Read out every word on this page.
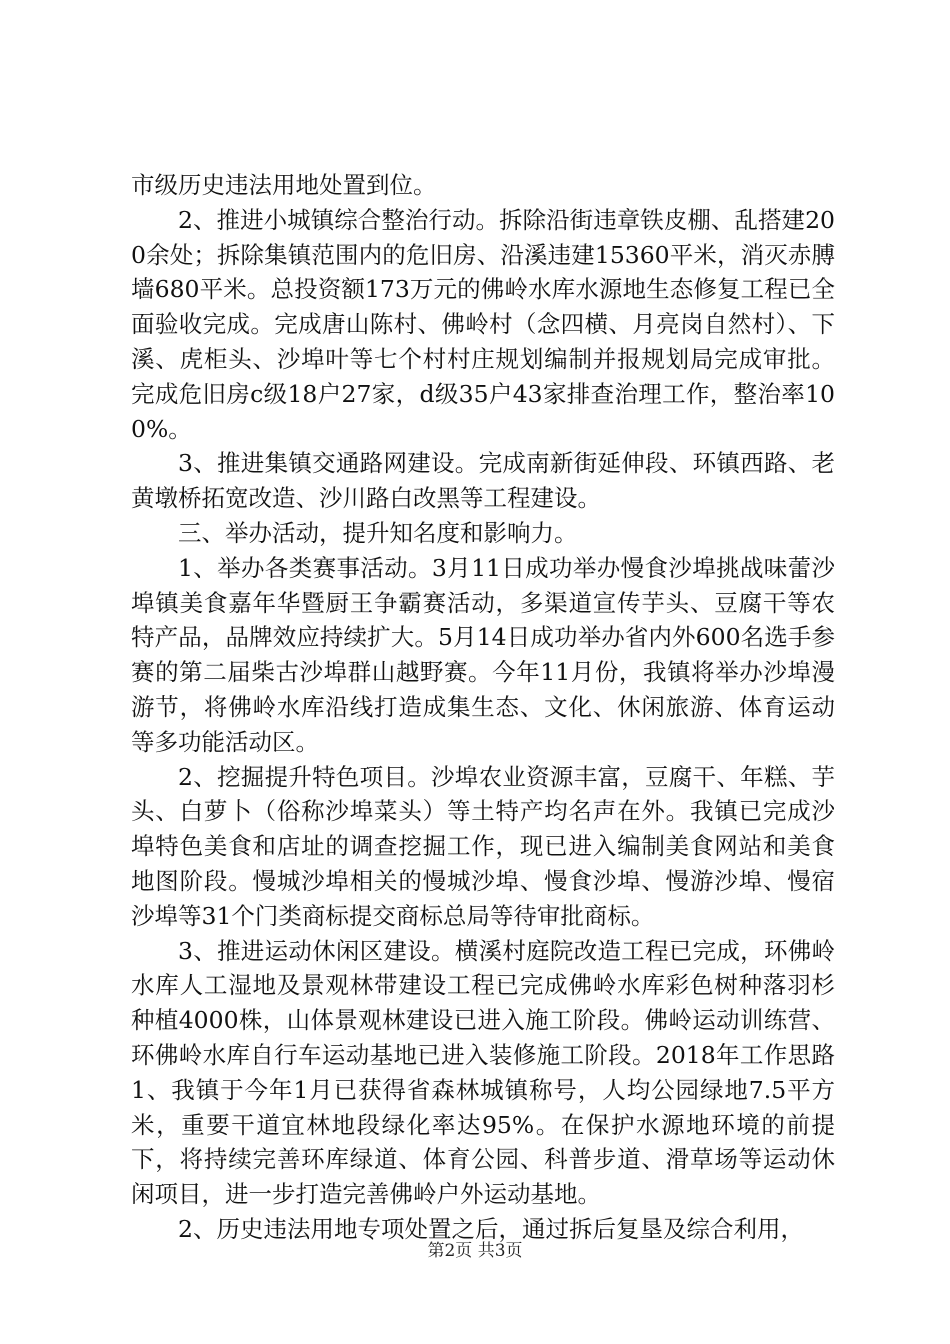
市级历史违法用地处置到位。

2、推进小城镇综合整治行动。拆除沿街违章铁皮棚、乱搭建200余处；拆除集镇范围内的危旧房、沿溪违建15360平米，消灭赤膊墙680平米。总投资额173万元的佛岭水库水源地生态修复工程已全面验收完成。完成唐山陈村、佛岭村（念四横、月亮岗自然村）、下溪、虎柜头、沙埠叶等七个村村庄规划编制并报规划局完成审批。完成危旧房c级18户27家，d级35户43家排查治理工作，整治率100%。

3、推进集镇交通路网建设。完成南新街延伸段、环镇西路、老黄墩桥拓宽改造、沙川路白改黑等工程建设。

三、举办活动，提升知名度和影响力。

1、举办各类赛事活动。3月11日成功举办慢食沙埠挑战味蕾沙埠镇美食嘉年华暨厨王争霸赛活动，多渠道宣传芋头、豆腐干等农特产品，品牌效应持续扩大。5月14日成功举办省内外600名选手参赛的第二届柴古沙埠群山越野赛。今年11月份，我镇将举办沙埠漫游节，将佛岭水库沿线打造成集生态、文化、休闲旅游、体育运动等多功能活动区。

2、挖掘提升特色项目。沙埠农业资源丰富，豆腐干、年糕、芋头、白萝卜（俗称沙埠菜头）等土特产均名声在外。我镇已完成沙埠特色美食和店址的调查挖掘工作，现已进入编制美食网站和美食地图阶段。慢城沙埠相关的慢城沙埠、慢食沙埠、慢游沙埠、慢宿沙埠等31个门类商标提交商标总局等待审批商标。

3、推进运动休闲区建设。横溪村庭院改造工程已完成，环佛岭水库人工湿地及景观林带建设工程已完成佛岭水库彩色树种落羽杉种植4000株，山体景观林建设已进入施工阶段。佛岭运动训练营、环佛岭水库自行车运动基地已进入装修施工阶段。2018年工作思路1、我镇于今年1月已获得省森林城镇称号，人均公园绿地7.5平方米，重要干道宜林地段绿化率达95%。在保护水源地环境的前提下，将持续完善环库绿道、体育公园、科普步道、滑草场等运动休闲项目，进一步打造完善佛岭户外运动基地。

2、历史违法用地专项处置之后，通过拆后复垦及综合利用，

第2页 共3页
